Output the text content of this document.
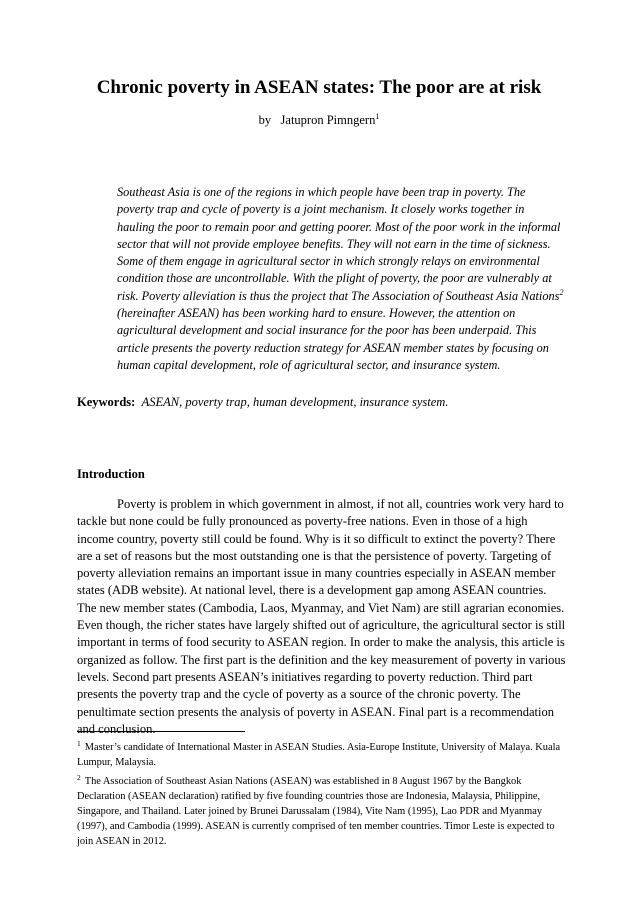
Chronic poverty in ASEAN states: The poor are at risk
by Jatupron Pimngern$^1$

Southeast Asia is one of the regions in which people have been trap in poverty. The poverty trap and cycle of poverty is a joint mechanism. It closely works together in hauling the poor to remain poor and getting poorer. Most of the poor work in the informal sector that will not provide employee benefits. They will not earn in the time of sickness. Some of them engage in agricultural sector in which strongly relays on environmental condition those are uncontrollable. With the plight of poverty, the poor are vulnerably at risk. Poverty alleviation is thus the project that The Association of Southeast Asia Nations$^2$ (hereinafter ASEAN) has been working hard to ensure. However, the attention on agricultural development and social insurance for the poor has been underpaid. This article presents the poverty reduction strategy for ASEAN member states by focusing on human capital development, role of agricultural sector, and insurance system.

Keywords: ASEAN, poverty trap, human development, insurance system.

Introduction

Poverty is problem in which government in almost, if not all, countries work very hard to tackle but none could be fully pronounced as poverty-free nations. Even in those of a high income country, poverty still could be found. Why is it so difficult to extinct the poverty? There are a set of reasons but the most outstanding one is that the persistence of poverty. Targeting of poverty alleviation remains an important issue in many countries especially in ASEAN member states (ADB website). At national level, there is a development gap among ASEAN countries. The new member states (Cambodia, Laos, Myanmay, and Viet Nam) are still agrarian economies. Even though, the richer states have largely shifted out of agriculture, the agricultural sector is still important in terms of food security to ASEAN region. In order to make the analysis, this article is organized as follow. The first part is the definition and the key measurement of poverty in various levels. Second part presents ASEAN’s initiatives regarding to poverty reduction. Third part presents the poverty trap and the cycle of poverty as a source of the chronic poverty. The penultimate section presents the analysis of poverty in ASEAN. Final part is a recommendation and conclusion.

$^1$ Master’s candidate of International Master in ASEAN Studies. Asia-Europe Institute, University of Malaya. Kuala Lumpur, Malaysia.

$^2$ The Association of Southeast Asian Nations (ASEAN) was established in 8 August 1967 by the Bangkok Declaration (ASEAN declaration) ratified by five founding countries those are Indonesia, Malaysia, Philippine, Singapore, and Thailand. Later joined by Brunei Darussalam (1984), Vite Nam (1995), Lao PDR and Myanmay (1997), and Cambodia (1999). ASEAN is currently comprised of ten member countries. Timor Leste is expected to join ASEAN in 2012.
